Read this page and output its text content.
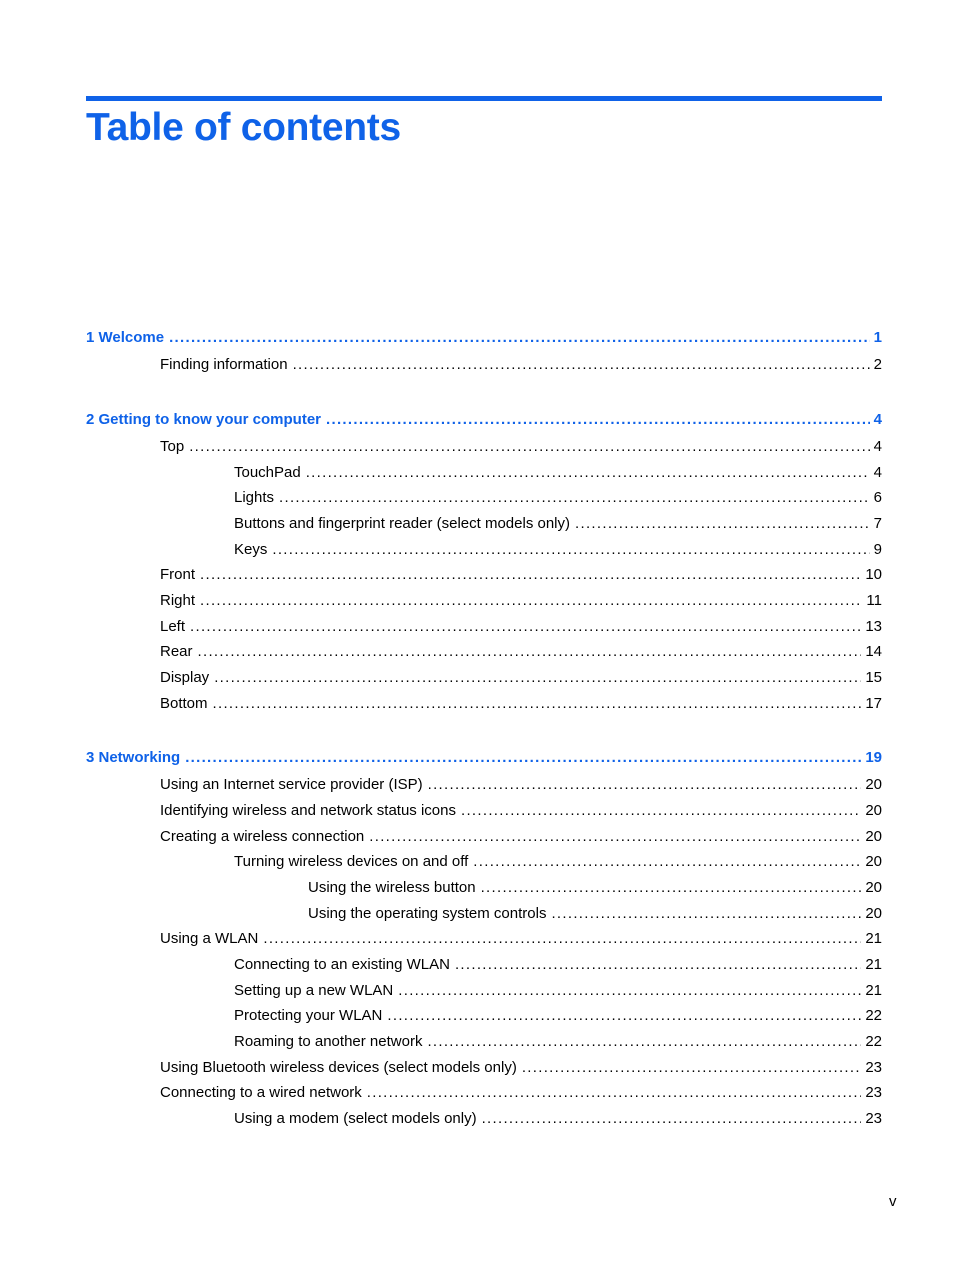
Table of contents
1 Welcome .....	1
Finding information .....	2
2 Getting to know your computer .....	4
Top .....	4
TouchPad .....	4
Lights .....	6
Buttons and fingerprint reader (select models only) .....	7
Keys .....	9
Front .....	10
Right .....	11
Left .....	13
Rear .....	14
Display .....	15
Bottom .....	17
3 Networking .....	19
Using an Internet service provider (ISP) .....	20
Identifying wireless and network status icons .....	20
Creating a wireless connection .....	20
Turning wireless devices on and off .....	20
Using the wireless button .....	20
Using the operating system controls .....	20
Using a WLAN .....	21
Connecting to an existing WLAN .....	21
Setting up a new WLAN .....	21
Protecting your WLAN .....	22
Roaming to another network .....	22
Using Bluetooth wireless devices (select models only) .....	23
Connecting to a wired network .....	23
Using a modem (select models only) .....	23
v
